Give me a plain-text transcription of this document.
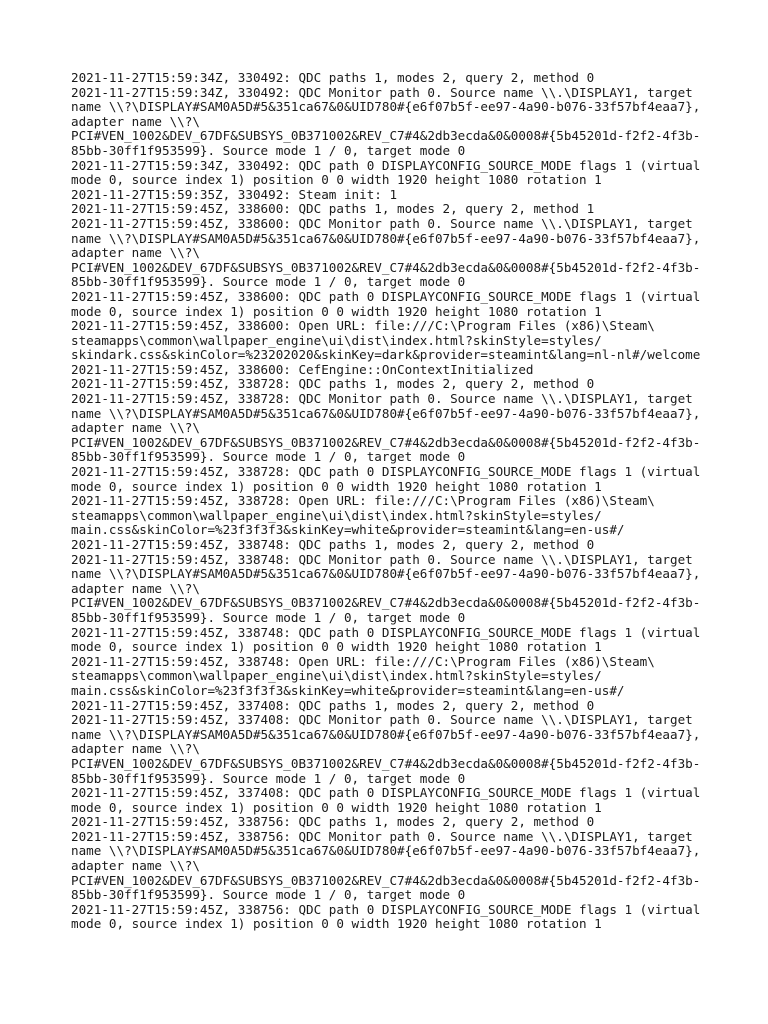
2021-11-27T15:59:34Z, 330492: QDC paths 1, modes 2, query 2, method 0

2021-11-27T15:59:34Z, 330492: QDC Monitor path 0. Source name \\.\DISPLAY1, target

name \\?\DISPLAY#SAM0A5D#5&351ca67&0&UID780#{e6f07b5f-ee97-4a90-b076-33f57bf4eaa7},

adapter name \\?\

PCI#VEN_1002&DEV_67DF&SUBSYS_0B371002&REV_C7#4&2db3ecda&0&0008#{5b45201d-f2f2-4f3b-

85bb-30ff1f953599}. Source mode 1 / 0, target mode 0

2021-11-27T15:59:34Z, 330492: QDC path 0 DISPLAYCONFIG_SOURCE_MODE flags 1 (virtual

mode 0, source index 1) position 0 0 width 1920 height 1080 rotation 1

2021-11-27T15:59:35Z, 330492: Steam init: 1

2021-11-27T15:59:45Z, 338600: QDC paths 1, modes 2, query 2, method 1

2021-11-27T15:59:45Z, 338600: QDC Monitor path 0. Source name \\.\DISPLAY1, target

name \\?\DISPLAY#SAM0A5D#5&351ca67&0&UID780#{e6f07b5f-ee97-4a90-b076-33f57bf4eaa7},

adapter name \\?\

PCI#VEN_1002&DEV_67DF&SUBSYS_0B371002&REV_C7#4&2db3ecda&0&0008#{5b45201d-f2f2-4f3b-

85bb-30ff1f953599}. Source mode 1 / 0, target mode 0

2021-11-27T15:59:45Z, 338600: QDC path 0 DISPLAYCONFIG_SOURCE_MODE flags 1 (virtual

mode 0, source index 1) position 0 0 width 1920 height 1080 rotation 1

2021-11-27T15:59:45Z, 338600: Open URL: file:///C:\Program Files (x86)\Steam\

steamapps\common\wallpaper_engine\ui\dist\index.html?skinStyle=styles/

skindark.css&skinColor=%23202020&skinKey=dark&provider=steamint&lang=nl-nl#/welcome

2021-11-27T15:59:45Z, 338600: CefEngine::OnContextInitialized

2021-11-27T15:59:45Z, 338728: QDC paths 1, modes 2, query 2, method 0

2021-11-27T15:59:45Z, 338728: QDC Monitor path 0. Source name \\.\DISPLAY1, target

name \\?\DISPLAY#SAM0A5D#5&351ca67&0&UID780#{e6f07b5f-ee97-4a90-b076-33f57bf4eaa7},

adapter name \\?\

PCI#VEN_1002&DEV_67DF&SUBSYS_0B371002&REV_C7#4&2db3ecda&0&0008#{5b45201d-f2f2-4f3b-

85bb-30ff1f953599}. Source mode 1 / 0, target mode 0

2021-11-27T15:59:45Z, 338728: QDC path 0 DISPLAYCONFIG_SOURCE_MODE flags 1 (virtual

mode 0, source index 1) position 0 0 width 1920 height 1080 rotation 1

2021-11-27T15:59:45Z, 338728: Open URL: file:///C:\Program Files (x86)\Steam\

steamapps\common\wallpaper_engine\ui\dist\index.html?skinStyle=styles/

main.css&skinColor=%23f3f3f3&skinKey=white&provider=steamint&lang=en-us#/

2021-11-27T15:59:45Z, 338748: QDC paths 1, modes 2, query 2, method 0

2021-11-27T15:59:45Z, 338748: QDC Monitor path 0. Source name \\.\DISPLAY1, target

name \\?\DISPLAY#SAM0A5D#5&351ca67&0&UID780#{e6f07b5f-ee97-4a90-b076-33f57bf4eaa7},

adapter name \\?\

PCI#VEN_1002&DEV_67DF&SUBSYS_0B371002&REV_C7#4&2db3ecda&0&0008#{5b45201d-f2f2-4f3b-

85bb-30ff1f953599}. Source mode 1 / 0, target mode 0

2021-11-27T15:59:45Z, 338748: QDC path 0 DISPLAYCONFIG_SOURCE_MODE flags 1 (virtual

mode 0, source index 1) position 0 0 width 1920 height 1080 rotation 1

2021-11-27T15:59:45Z, 338748: Open URL: file:///C:\Program Files (x86)\Steam\

steamapps\common\wallpaper_engine\ui\dist\index.html?skinStyle=styles/

main.css&skinColor=%23f3f3f3&skinKey=white&provider=steamint&lang=en-us#/

2021-11-27T15:59:45Z, 337408: QDC paths 1, modes 2, query 2, method 0

2021-11-27T15:59:45Z, 337408: QDC Monitor path 0. Source name \\.\DISPLAY1, target

name \\?\DISPLAY#SAM0A5D#5&351ca67&0&UID780#{e6f07b5f-ee97-4a90-b076-33f57bf4eaa7},

adapter name \\?\

PCI#VEN_1002&DEV_67DF&SUBSYS_0B371002&REV_C7#4&2db3ecda&0&0008#{5b45201d-f2f2-4f3b-

85bb-30ff1f953599}. Source mode 1 / 0, target mode 0

2021-11-27T15:59:45Z, 337408: QDC path 0 DISPLAYCONFIG_SOURCE_MODE flags 1 (virtual

mode 0, source index 1) position 0 0 width 1920 height 1080 rotation 1

2021-11-27T15:59:45Z, 338756: QDC paths 1, modes 2, query 2, method 0

2021-11-27T15:59:45Z, 338756: QDC Monitor path 0. Source name \\.\DISPLAY1, target

name \\?\DISPLAY#SAM0A5D#5&351ca67&0&UID780#{e6f07b5f-ee97-4a90-b076-33f57bf4eaa7},

adapter name \\?\

PCI#VEN_1002&DEV_67DF&SUBSYS_0B371002&REV_C7#4&2db3ecda&0&0008#{5b45201d-f2f2-4f3b-

85bb-30ff1f953599}. Source mode 1 / 0, target mode 0

2021-11-27T15:59:45Z, 338756: QDC path 0 DISPLAYCONFIG_SOURCE_MODE flags 1 (virtual

mode 0, source index 1) position 0 0 width 1920 height 1080 rotation 1
